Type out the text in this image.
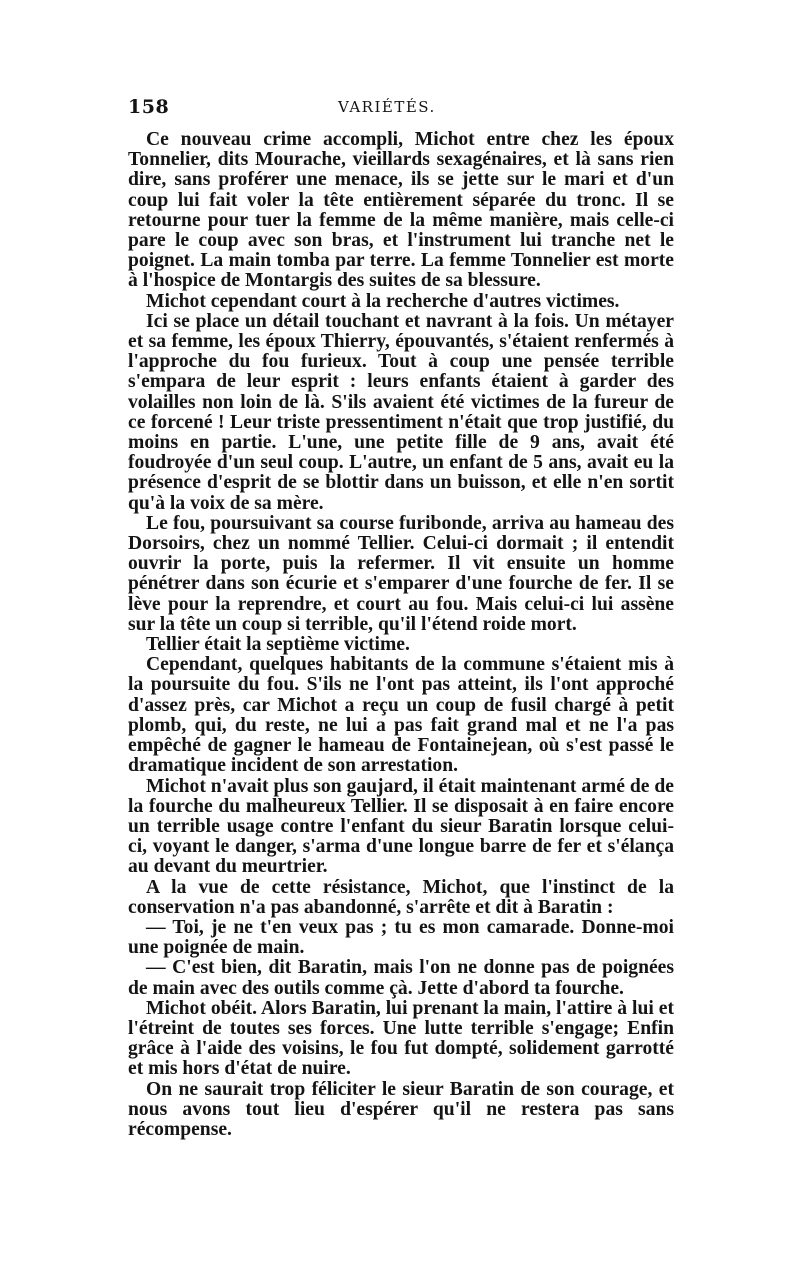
158	VARIÉTÉS.

Ce nouveau crime accompli, Michot entre chez les époux Tonnelier, dits Mourache, vieillards sexagénaires, et là sans rien dire, sans proférer une menace, ils se jette sur le mari et d'un coup lui fait voler la tête entièrement séparée du tronc. Il se retourne pour tuer la femme de la même manière, mais celle-ci pare le coup avec son bras, et l'instrument lui tranche net le poignet. La main tomba par terre. La femme Tonnelier est morte à l'hospice de Montargis des suites de sa blessure.

Michot cependant court à la recherche d'autres victimes.

Ici se place un détail touchant et navrant à la fois. Un métayer et sa femme, les époux Thierry, épouvantés, s'étaient renfermés à l'approche du fou furieux. Tout à coup une pensée terrible s'empara de leur esprit : leurs enfants étaient à garder des volailles non loin de là. S'ils avaient été victimes de la fureur de ce forcené ! Leur triste pressentiment n'était que trop justifié, du moins en partie. L'une, une petite fille de 9 ans, avait été foudroyée d'un seul coup. L'autre, un enfant de 5 ans, avait eu la présence d'esprit de se blottir dans un buisson, et elle n'en sortit qu'à la voix de sa mère.

Le fou, poursuivant sa course furibonde, arriva au hameau des Dorsoirs, chez un nommé Tellier. Celui-ci dormait ; il entendit ouvrir la porte, puis la refermer. Il vit ensuite un homme pénétrer dans son écurie et s'emparer d'une fourche de fer. Il se lève pour la reprendre, et court au fou. Mais celui-ci lui assène sur la tête un coup si terrible, qu'il l'étend roide mort.

Tellier était la septième victime.

Cependant, quelques habitants de la commune s'étaient mis à la poursuite du fou. S'ils ne l'ont pas atteint, ils l'ont approché d'assez près, car Michot a reçu un coup de fusil chargé à petit plomb, qui, du reste, ne lui a pas fait grand mal et ne l'a pas empêché de gagner le hameau de Fontainejean, où s'est passé le dramatique incident de son arrestation.

Michot n'avait plus son gaujard, il était maintenant armé de de la fourche du malheureux Tellier. Il se disposait à en faire encore un terrible usage contre l'enfant du sieur Baratin lorsque celui-ci, voyant le danger, s'arma d'une longue barre de fer et s'élança au devant du meurtrier.

A la vue de cette résistance, Michot, que l'instinct de la conservation n'a pas abandonné, s'arrête et dit à Baratin :

— Toi, je ne t'en veux pas ; tu es mon camarade. Donne-moi une poignée de main.

— C'est bien, dit Baratin, mais l'on ne donne pas de poignées de main avec des outils comme çà. Jette d'abord ta fourche.

Michot obéit. Alors Baratin, lui prenant la main, l'attire à lui et l'étreint de toutes ses forces. Une lutte terrible s'engage; Enfin grâce à l'aide des voisins, le fou fut dompté, solidement garrotté et mis hors d'état de nuire.

On ne saurait trop féliciter le sieur Baratin de son courage, et nous avons tout lieu d'espérer qu'il ne restera pas sans récompense.
